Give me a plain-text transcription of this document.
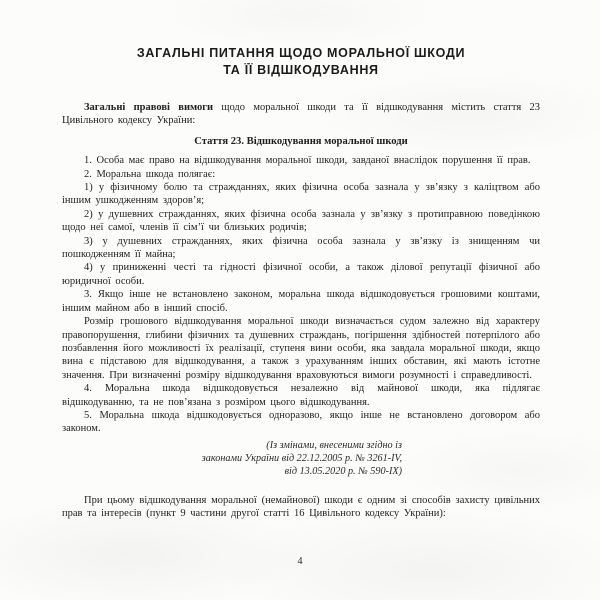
ЗАГАЛЬНІ ПИТАННЯ ЩОДО МОРАЛЬНОЇ ШКОДИ
ТА ЇЇ ВІДШКОДУВАННЯ

Загальні правові вимоги щодо моральної шкоди та її відшкодування містить стаття 23 Цивільного кодексу України:

Стаття 23. Відшкодування моральної шкоди

1. Особа має право на відшкодування моральної шкоди, завданої внаслідок порушення її прав.

2. Моральна шкода полягає:

1) у фізичному болю та стражданнях, яких фізична особа зазнала у зв’язку з каліцтвом або іншим ушкодженням здоров’я;

2) у душевних стражданнях, яких фізична особа зазнала у зв’язку з протиправною поведінкою щодо неї самої, членів її сім’ї чи близьких родичів;

3) у душевних стражданнях, яких фізична особа зазнала у зв’язку із знищенням чи пошкодженням її майна;

4) у приниженні честі та гідності фізичної особи, а також ділової репутації фізичної або юридичної особи.

3. Якщо інше не встановлено законом, моральна шкода відшкодовується грошовими коштами, іншим майном або в інший спосіб.

Розмір грошового відшкодування моральної шкоди визначається судом залежно від характеру правопорушення, глибини фізичних та душевних страждань, погіршення здібностей потерпілого або позбавлення його можливості їх реалізації, ступеня вини особи, яка завдала моральної шкоди, якщо вина є підставою для відшкодування, а також з урахуванням інших обставин, які мають істотне значення. При визначенні розміру відшкодування враховуються вимоги розумності і справедливості.

4. Моральна шкода відшкодовується незалежно від майнової шкоди, яка підлягає відшкодуванню, та не пов’язана з розміром цього відшкодування.

5. Моральна шкода відшкодовується одноразово, якщо інше не встановлено договором або законом.

(Із змінами, внесеними згідно із
законами України від 22.12.2005 р. № 3261-IV,
від 13.05.2020 р. № 590-ІХ)

При цьому відшкодування моральної (немайнової) шкоди є одним зі способів захисту цивільних прав та інтересів (пункт 9 частини другої статті 16 Цивільного кодексу України):

4
